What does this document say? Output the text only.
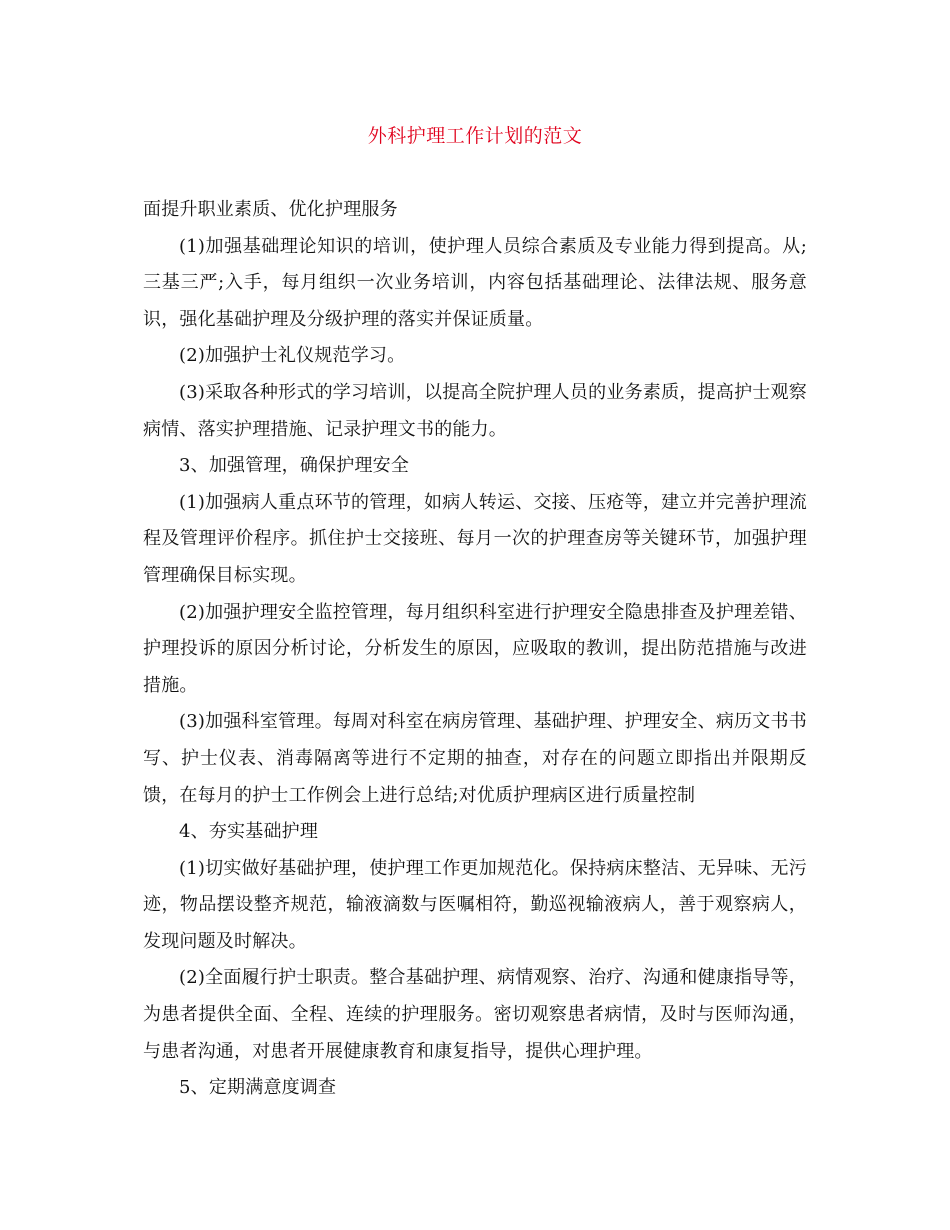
外科护理工作计划的范文

面提升职业素质、优化护理服务

(1)加强基础理论知识的培训，使护理人员综合素质及专业能力得到提高。从;三基三严;入手，每月组织一次业务培训，内容包括基础理论、法律法规、服务意识，强化基础护理及分级护理的落实并保证质量。

(2)加强护士礼仪规范学习。

(3)采取各种形式的学习培训，以提高全院护理人员的业务素质，提高护士观察病情、落实护理措施、记录护理文书的能力。

3、加强管理，确保护理安全

(1)加强病人重点环节的管理，如病人转运、交接、压疮等，建立并完善护理流程及管理评价程序。抓住护士交接班、每月一次的护理查房等关键环节，加强护理管理确保目标实现。

(2)加强护理安全监控管理，每月组织科室进行护理安全隐患排查及护理差错、护理投诉的原因分析讨论，分析发生的原因，应吸取的教训，提出防范措施与改进措施。

(3)加强科室管理。每周对科室在病房管理、基础护理、护理安全、病历文书书写、护士仪表、消毒隔离等进行不定期的抽查，对存在的问题立即指出并限期反馈，在每月的护士工作例会上进行总结;对优质护理病区进行质量控制

4、夯实基础护理

(1)切实做好基础护理，使护理工作更加规范化。保持病床整洁、无异味、无污迹，物品摆设整齐规范，输液滴数与医嘱相符，勤巡视输液病人，善于观察病人，发现问题及时解决。

(2)全面履行护士职责。整合基础护理、病情观察、治疗、沟通和健康指导等，为患者提供全面、全程、连续的护理服务。密切观察患者病情，及时与医师沟通，与患者沟通，对患者开展健康教育和康复指导，提供心理护理。

5、定期满意度调查
